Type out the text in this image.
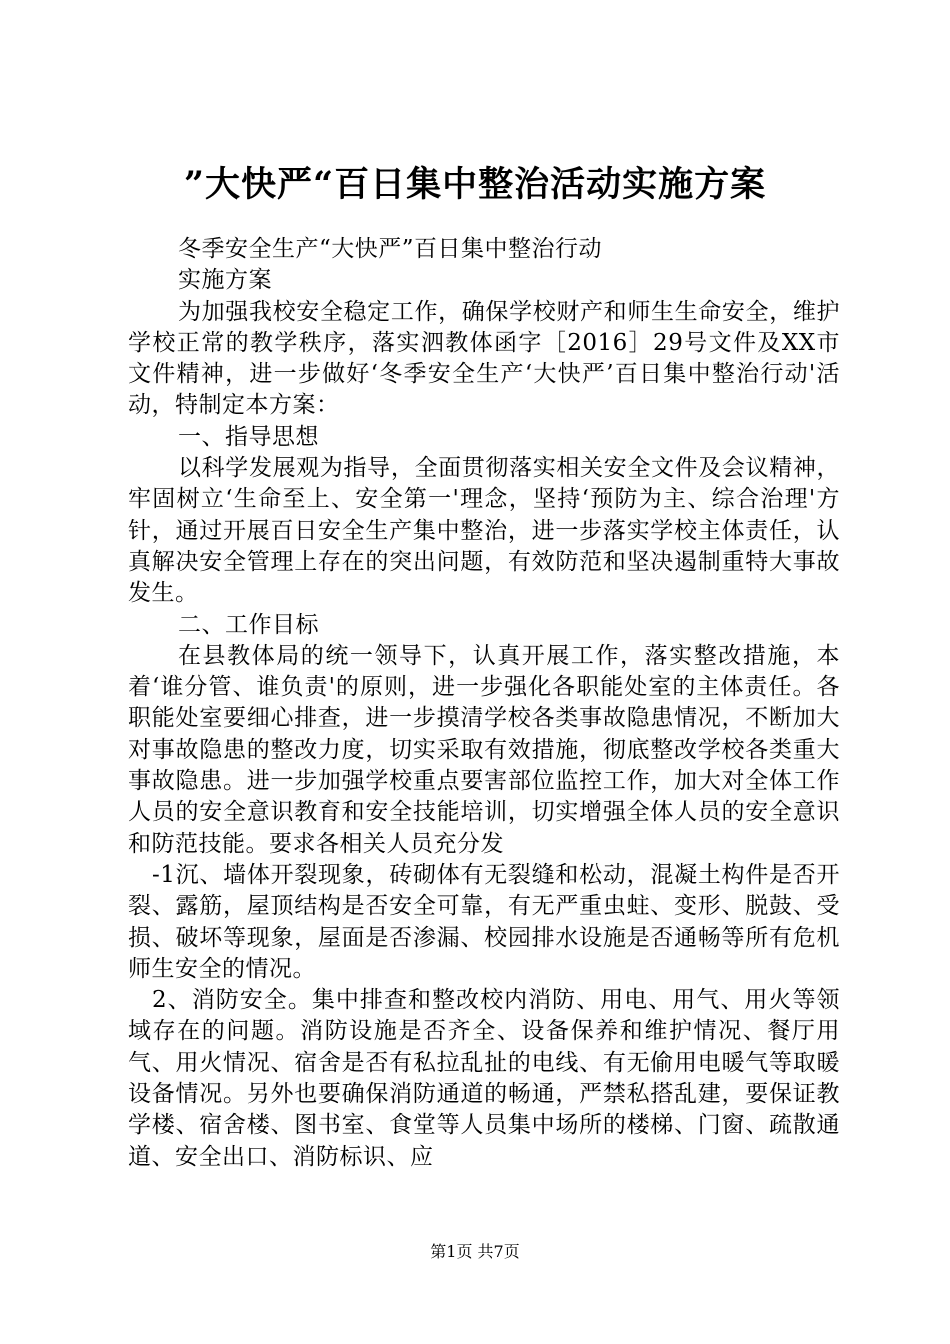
”大快严“百日集中整治活动实施方案

冬季安全生产“大快严”百日集中整治行动

实施方案

为加强我校安全稳定工作，确保学校财产和师生生命安全，维护学校正常的教学秩序，落实泗教体函字［2016］29号文件及XX市文件精神，进一步做好‘冬季安全生产‘大快严’百日集中整治行动'活动，特制定本方案：

一、指导思想

以科学发展观为指导，全面贯彻落实相关安全文件及会议精神，牢固树立‘生命至上、安全第一'理念，坚持‘预防为主、综合治理'方针，通过开展百日安全生产集中整治，进一步落实学校主体责任，认真解决安全管理上存在的突出问题，有效防范和坚决遏制重特大事故发生。

二、工作目标

在县教体局的统一领导下，认真开展工作，落实整改措施，本着‘谁分管、谁负责'的原则，进一步强化各职能处室的主体责任。各职能处室要细心排查，进一步摸清学校各类事故隐患情况，不断加大对事故隐患的整改力度，切实采取有效措施，彻底整改学校各类重大事故隐患。进一步加强学校重点要害部位监控工作，加大对全体工作人员的安全意识教育和安全技能培训，切实增强全体人员的安全意识和防范技能。要求各相关人员充分发

-1沉、墙体开裂现象，砖砌体有无裂缝和松动，混凝土构件是否开裂、露筋，屋顶结构是否安全可靠，有无严重虫蛀、变形、脱鼓、受损、破坏等现象，屋面是否渗漏、校园排水设施是否通畅等所有危机师生安全的情况。

2、消防安全。集中排查和整改校内消防、用电、用气、用火等领域存在的问题。消防设施是否齐全、设备保养和维护情况、餐厅用气、用火情况、宿舍是否有私拉乱扯的电线、有无偷用电暖气等取暖设备情况。另外也要确保消防通道的畅通，严禁私搭乱建，要保证教学楼、宿舍楼、图书室、食堂等人员集中场所的楼梯、门窗、疏散通道、安全出口、消防标识、应

第1页 共7页
